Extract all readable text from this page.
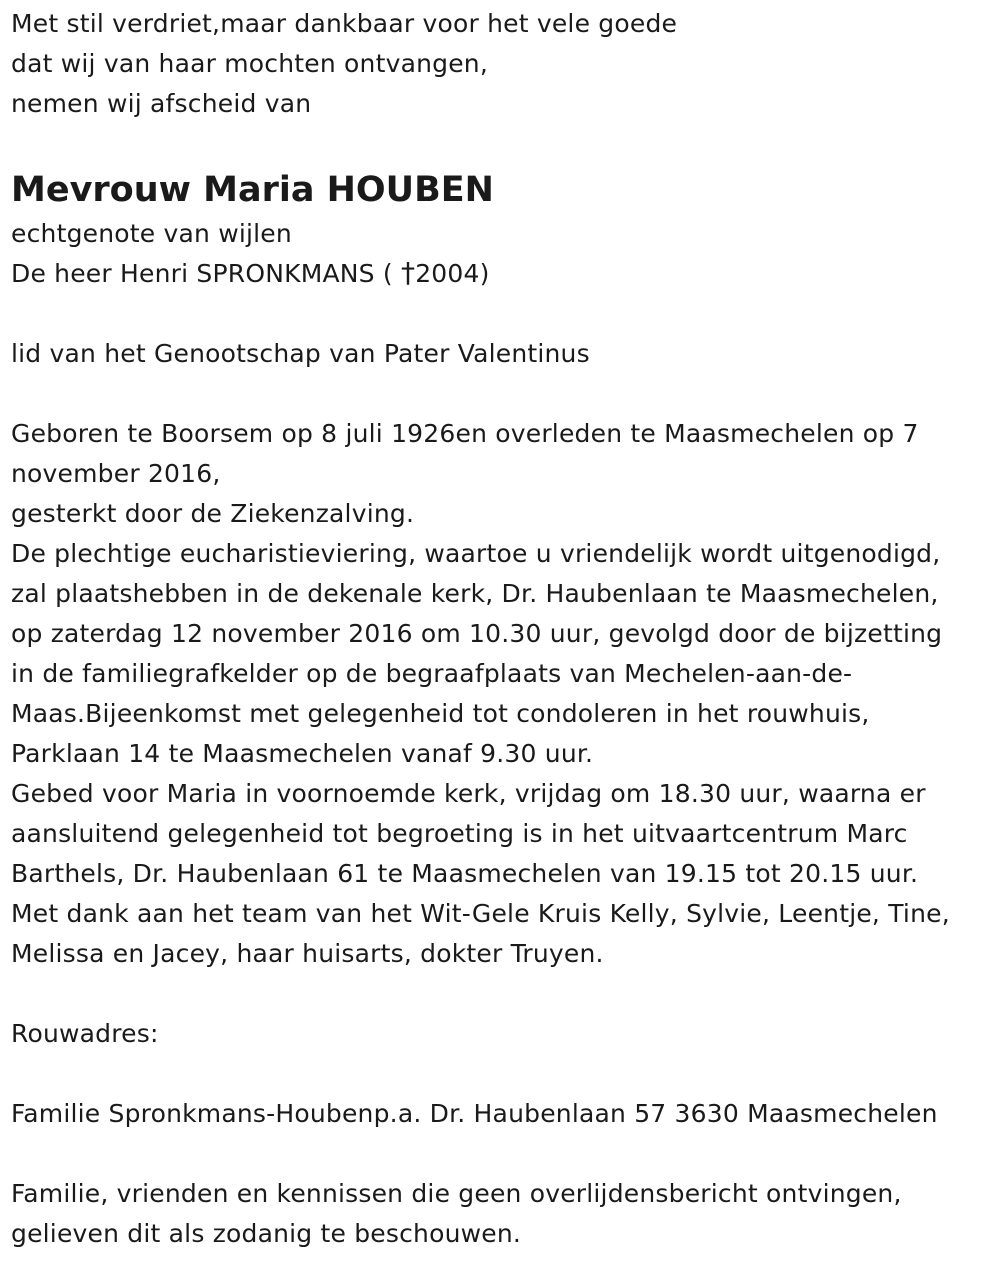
Met stil verdriet,maar dankbaar voor het vele goede
dat wij van haar mochten ontvangen,
nemen wij afscheid van
Mevrouw Maria HOUBEN
echtgenote van wijlen
De heer Henri SPRONKMANS ( †2004)
lid van het Genootschap van Pater Valentinus
Geboren te Boorsem op 8 juli 1926en overleden te Maasmechelen op 7
november 2016,
gesterkt door de Ziekenzalving.
De plechtige eucharistieviering, waartoe u vriendelijk wordt uitgenodigd,
zal plaatshebben in de dekenale kerk, Dr. Haubenlaan te Maasmechelen,
op zaterdag 12 november 2016 om 10.30 uur, gevolgd door de bijzetting
in de familiegrafkelder op de begraafplaats van Mechelen-aan-de-
Maas.Bijeenkomst met gelegenheid tot condoleren in het rouwhuis,
Parklaan 14 te Maasmechelen vanaf 9.30 uur.
Gebed voor Maria in voornoemde kerk, vrijdag om 18.30 uur, waarna er
aansluitend gelegenheid tot begroeting is in het uitvaartcentrum Marc
Barthels, Dr. Haubenlaan 61 te Maasmechelen van 19.15 tot 20.15 uur.
Met dank aan het team van het Wit-Gele Kruis Kelly, Sylvie, Leentje, Tine,
Melissa en Jacey, haar huisarts, dokter Truyen.
Rouwadres:
Familie Spronkmans-Houbenp.a. Dr. Haubenlaan 57 3630 Maasmechelen
Familie, vrienden en kennissen die geen overlijdensbericht ontvingen,
gelieven dit als zodanig te beschouwen.
